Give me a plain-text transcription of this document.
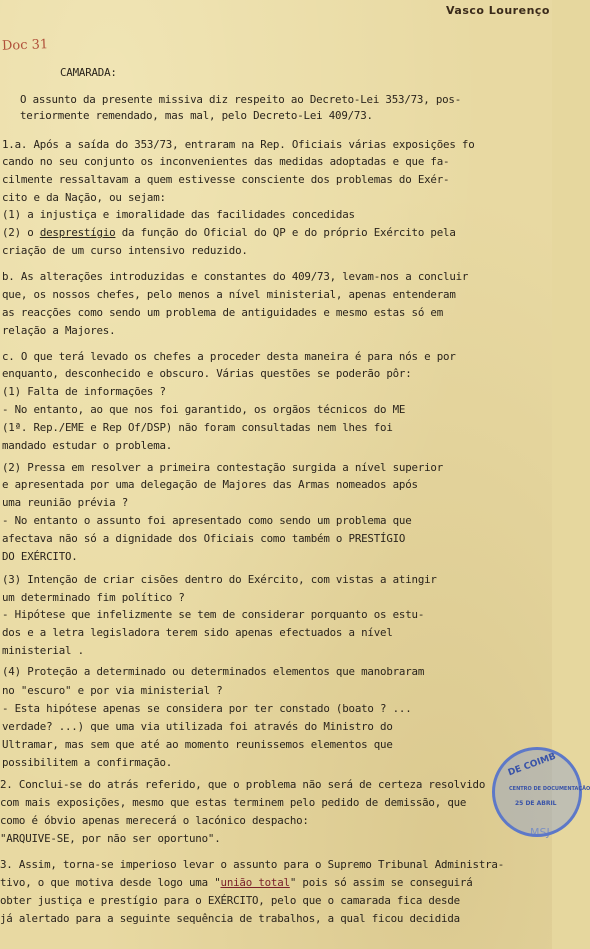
Vasco Lourenço
Doc 31
CAMARADA:
O assunto da presente missiva diz respeito ao Decreto-Lei 353/73, pos-
teriormente remendado, mas mal, pelo Decreto-Lei 409/73.
1.a. Após a saída do 353/73, entraram na Rep. Oficiais várias exposições fo
cando no seu conjunto os inconvenientes das medidas adoptadas e que fa-
cilmente ressaltavam a quem estivesse consciente dos problemas do Exér-
cito e da Nação, ou sejam:
(1) a injustiça e imoralidade das facilidades concedidas
(2) o desprestígio da função do Oficial do QP e do próprio Exército pela
criação de um curso intensivo reduzido.
b. As alterações introduzidas e constantes do 409/73, levam-nos a concluir
que, os nossos chefes, pelo menos a nível ministerial, apenas entenderam
as reacções como sendo um problema de antiguidades e mesmo estas só em
relação a Majores.
c. O que terá levado os chefes a proceder desta maneira é para nós e por
enquanto, desconhecido e obscuro. Várias questões se poderão pôr:
(1) Falta de informações ?
- No entanto, ao que nos foi garantido, os orgãos técnicos do ME
(1ª. Rep./EME e Rep Of/DSP) não foram consultadas nem lhes foi
mandado estudar o problema.
(2) Pressa em resolver a primeira contestação surgida a nível superior
e apresentada por uma delegação de Majores das Armas nomeados após
uma reunião prévia ?
- No entanto o assunto foi apresentado como sendo um problema que
afectava não só a dignidade dos Oficiais como também o PRESTÍGIO
DO EXÉRCITO.
(3) Intenção de criar cisões dentro do Exército, com vistas a atingir
um determinado fim político ?
- Hipótese que infelizmente se tem de considerar porquanto os estu-
dos e a letra legisladora terem sido apenas efectuados a nível
ministerial .
(4) Proteção a determinado ou determinados elementos que manobraram
no "escuro" e por via ministerial ?
- Esta hipótese apenas se considera por ter constado (boato ? ...
verdade? ...) que uma via utilizada foi através do Ministro do
Ultramar, mas sem que até ao momento reunissemos elementos que
possibilitem a confirmação.
2. Conclui-se do atrás referido, que o problema não será de certeza resolvido
com mais exposições, mesmo que estas terminem pelo pedido de demissão, que
como é óbvio apenas merecerá o lacónico despacho:
"ARQUIVE-SE, por não ser oportuno".
3. Assim, torna-se imperioso levar o assunto para o Supremo Tribunal Administra-
tivo, o que motiva desde logo uma "união total" pois só assim se conseguirá
obter justiça e prestígio para o EXÉRCITO, pelo que o camarada fica desde
já alertado para a seguinte sequência de trabalhos, a qual ficou decidida
MSJ
DE COIMB
CENTRO DE DOCUMENTAÇÃO
25 DE ABRIL
